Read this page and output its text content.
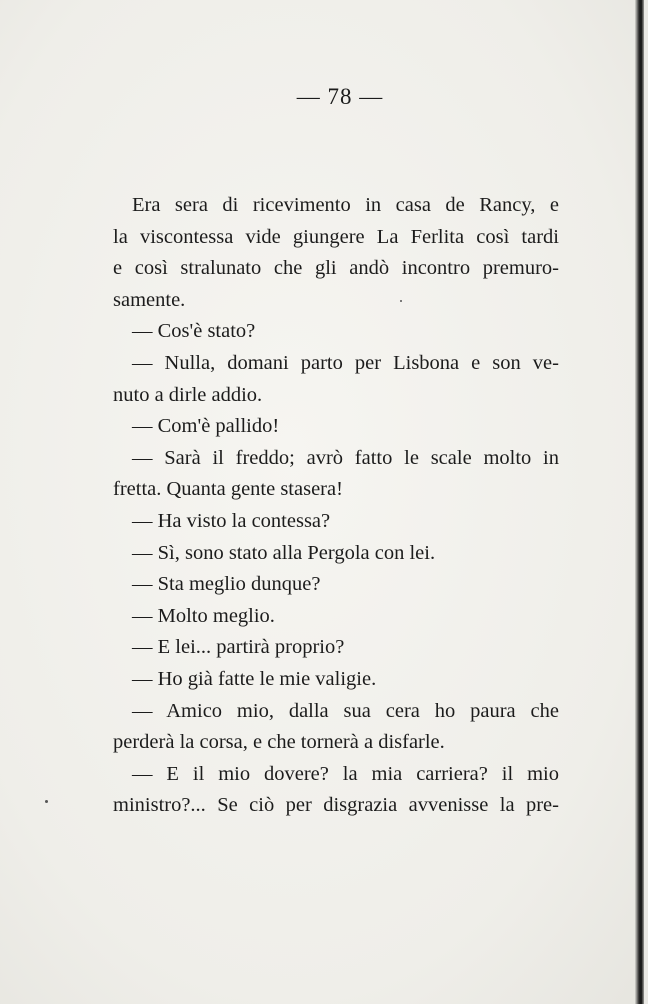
— 78 —
Era sera di ricevimento in casa de Rancy, e
la viscontessa vide giungere La Ferlita così tardi
e così stralunato che gli andò incontro premuro-
samente.
— Cos'è stato?
— Nulla, domani parto per Lisbona e son ve-
nuto a dirle addio.
— Com'è pallido!
— Sarà il freddo; avrò fatto le scale molto in
fretta. Quanta gente stasera!
— Ha visto la contessa?
— Sì, sono stato alla Pergola con lei.
— Sta meglio dunque?
— Molto meglio.
— E lei... partirà proprio?
— Ho già fatte le mie valigie.
— Amico mio, dalla sua cera ho paura che
perderà la corsa, e che tornerà a disfarle.
— E il mio dovere? la mia carriera? il mio
ministro?... Se ciò per disgrazia avvenisse la pre-
